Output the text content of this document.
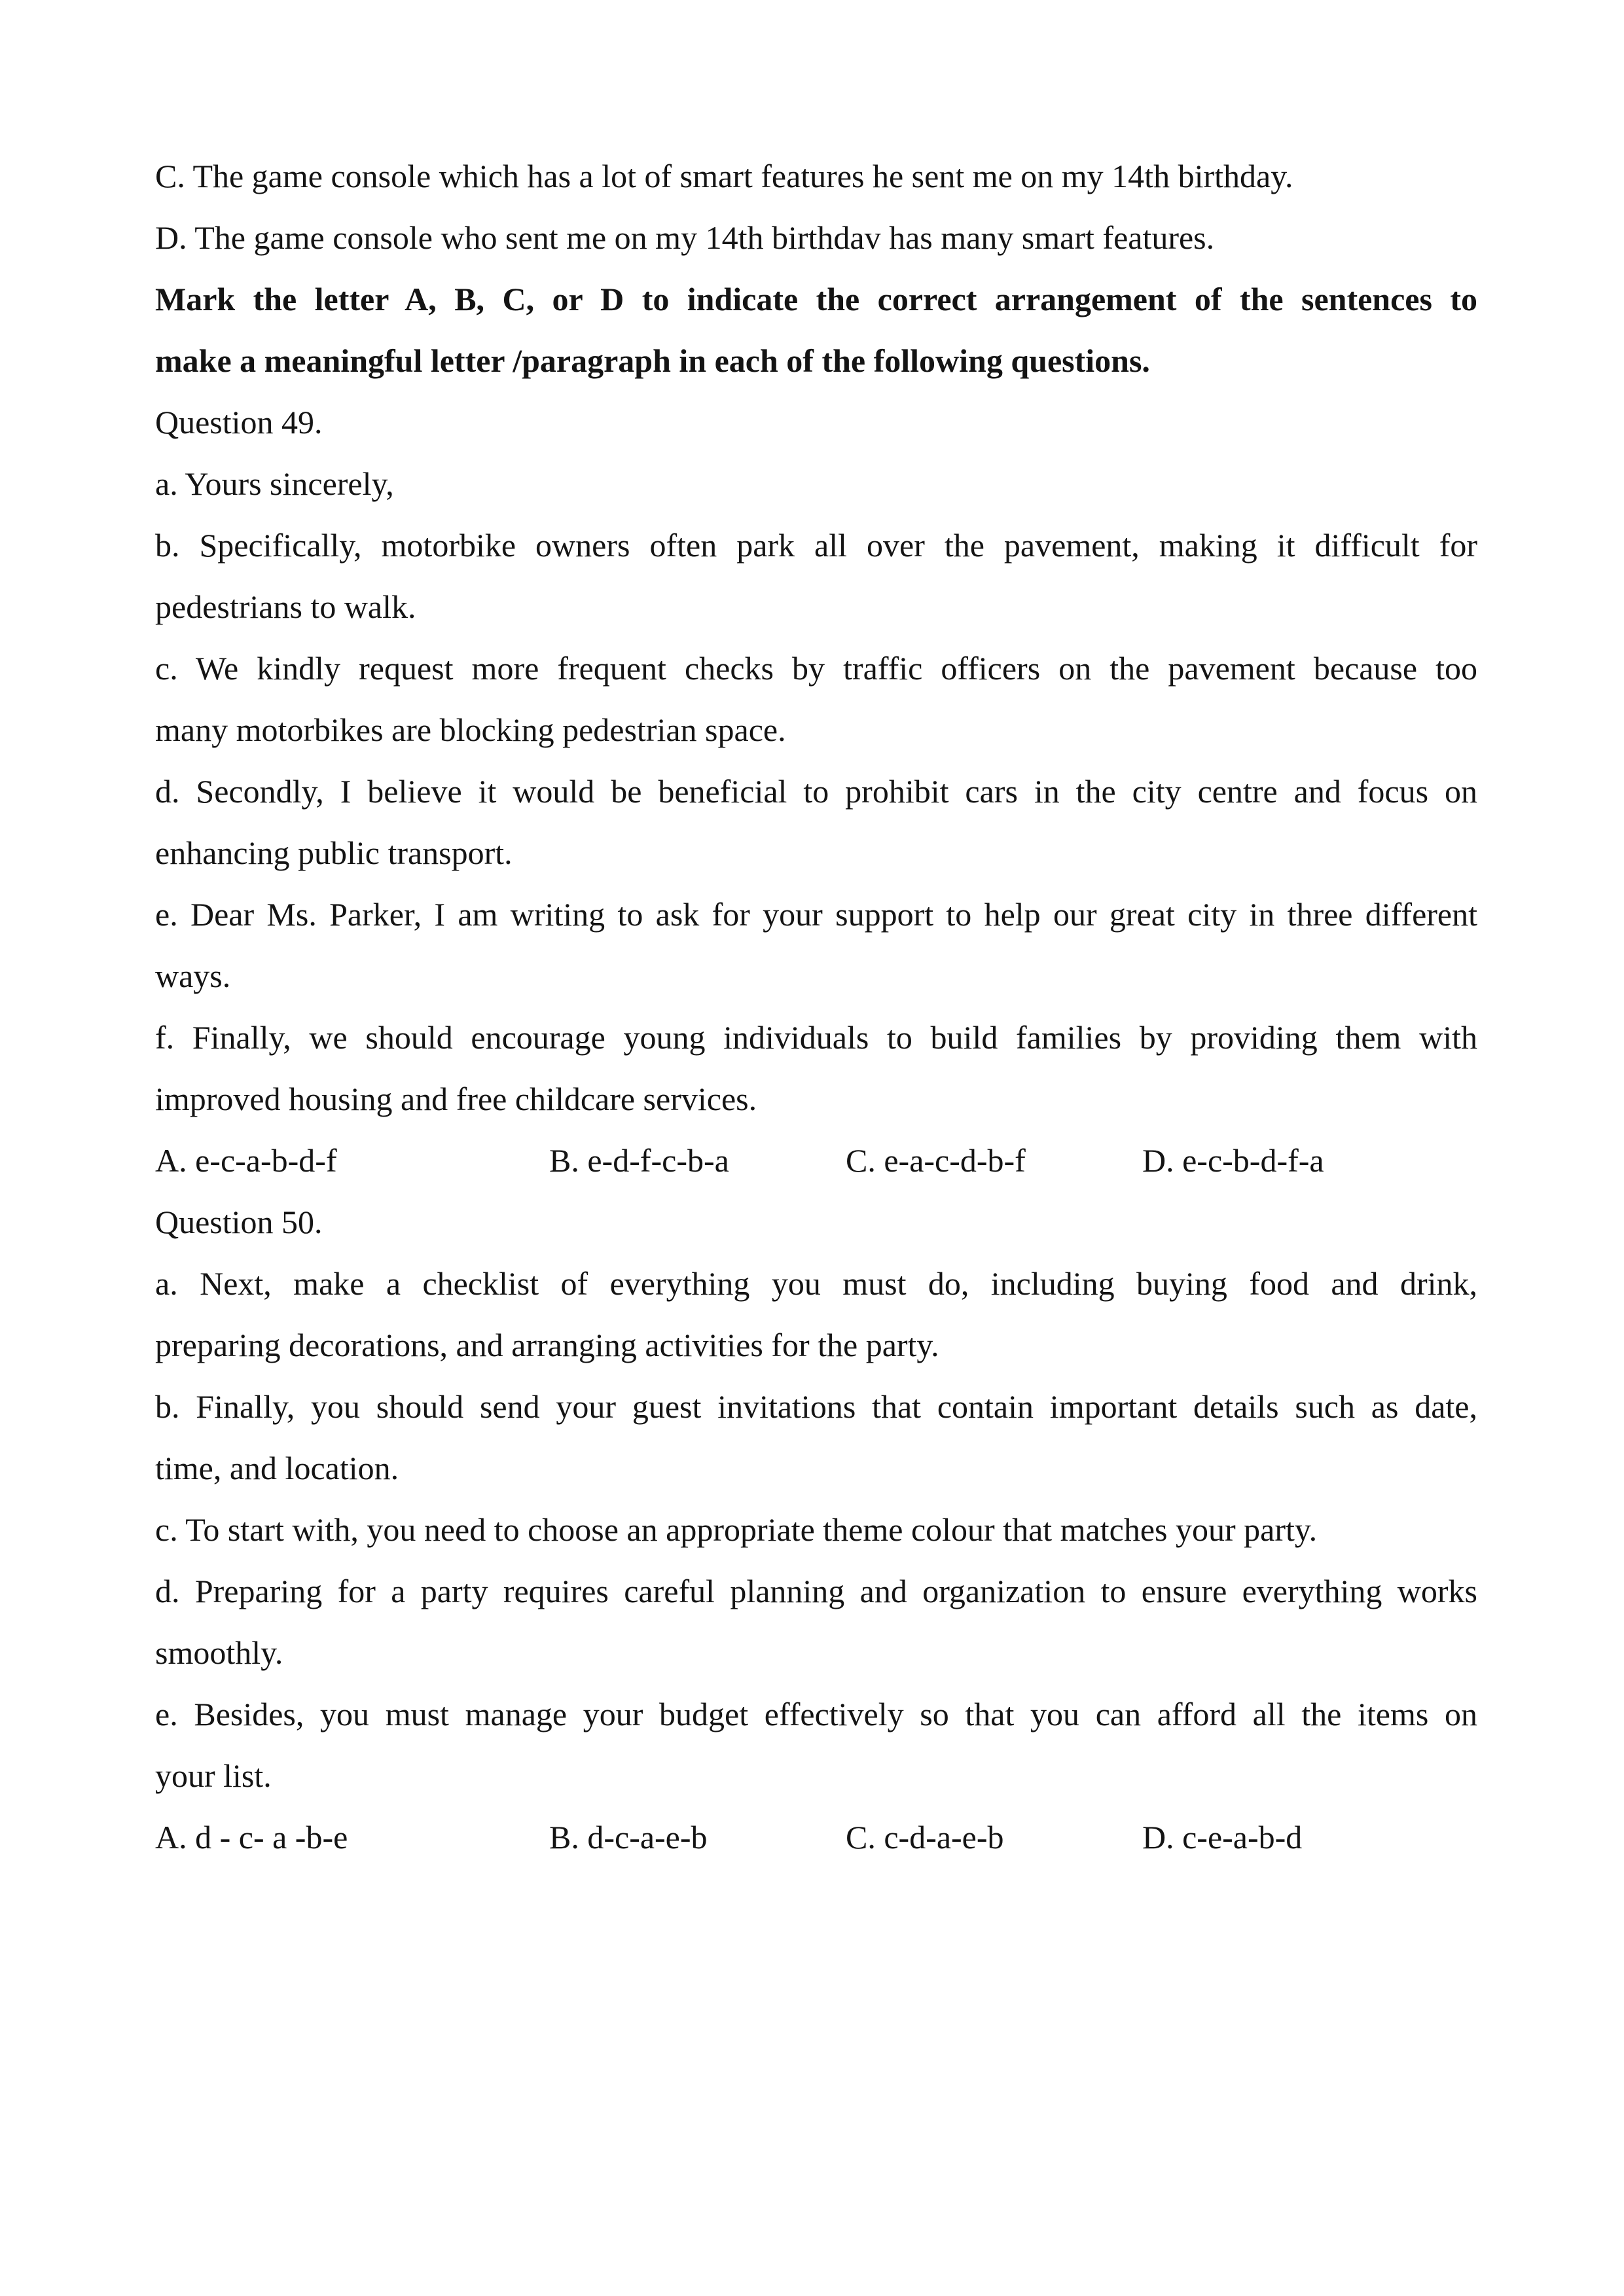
C. The game console which has a lot of smart features he sent me on my 14th birthday.
D. The game console who sent me on my 14th birthdav has many smart features.
Mark the letter A, B, C, or D to indicate the correct arrangement of the sentences to
make a meaningful letter /paragraph in each of the following questions.
Question 49.
a. Yours sincerely,
b. Specifically, motorbike owners often park all over the pavement, making it difficult for
pedestrians to walk.
c. We kindly request more frequent checks by traffic officers on the pavement because too
many motorbikes are blocking pedestrian space.
d. Secondly, I believe it would be beneficial to prohibit cars in the city centre and focus on
enhancing public transport.
e. Dear Ms. Parker, I am writing to ask for your support to help our great city in three different
ways.
f. Finally, we should encourage young individuals to build families by providing them with
improved housing and free childcare services.
A. e-c-a-b-d-f	B. e-d-f-c-b-a	C. e-a-c-d-b-f	D. e-c-b-d-f-a
Question 50.
a. Next, make a checklist of everything you must do, including buying food and drink,
preparing decorations, and arranging activities for the party.
b. Finally, you should send your guest invitations that contain important details such as date,
time, and location.
c. To start with, you need to choose an appropriate theme colour that matches your party.
d. Preparing for a party requires careful planning and organization to ensure everything works
smoothly.
e. Besides, you must manage your budget effectively so that you can afford all the items on
your list.
A. d - c- a -b-e	B. d-c-a-e-b	C. c-d-a-e-b	D. c-e-a-b-d
